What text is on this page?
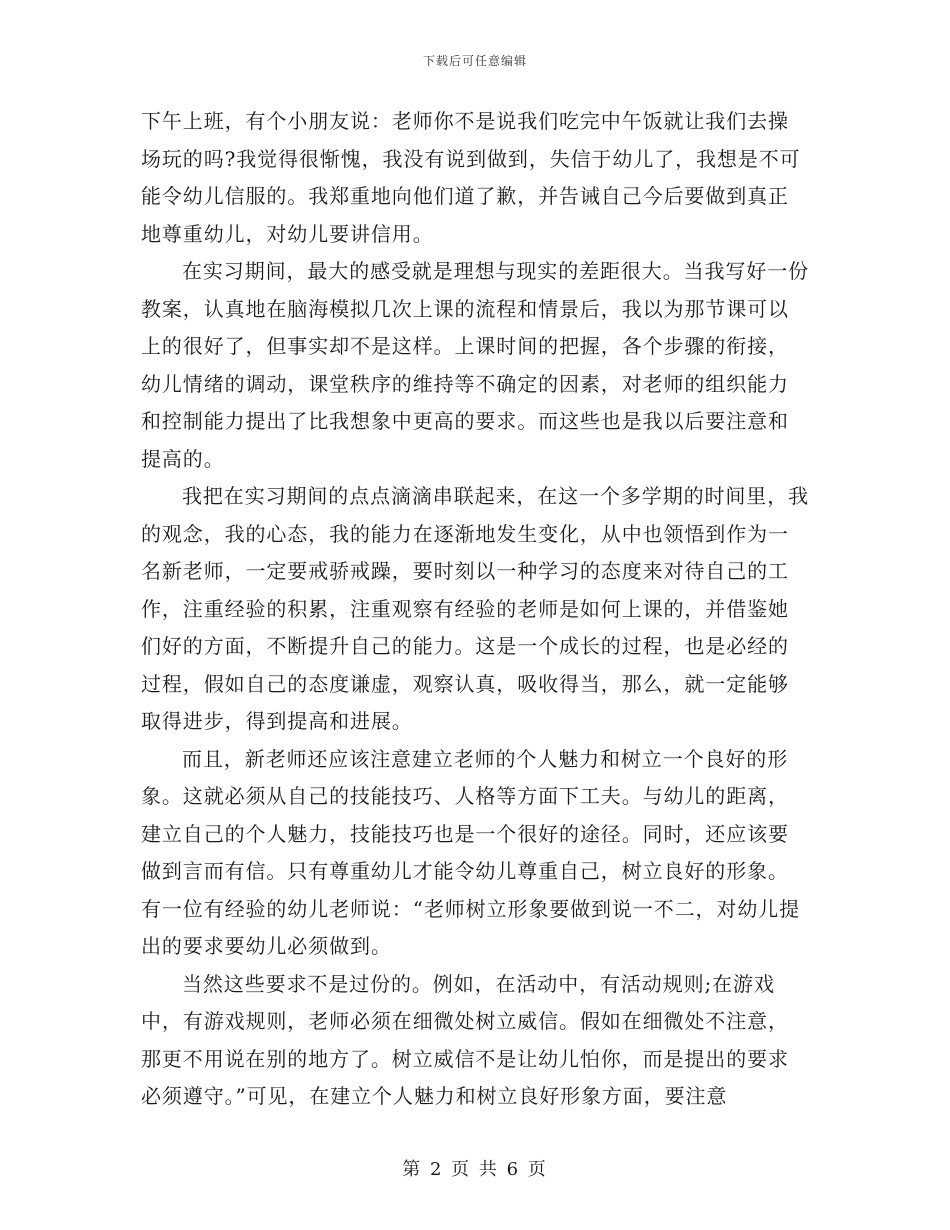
下载后可任意编辑

下午上班，有个小朋友说：老师你不是说我们吃完中午饭就让我们去操场玩的吗?我觉得很惭愧，我没有说到做到，失信于幼儿了，我想是不可能令幼儿信服的。我郑重地向他们道了歉，并告诫自己今后要做到真正地尊重幼儿，对幼儿要讲信用。

在实习期间，最大的感受就是理想与现实的差距很大。当我写好一份教案，认真地在脑海模拟几次上课的流程和情景后，我以为那节课可以上的很好了，但事实却不是这样。上课时间的把握，各个步骤的衔接，幼儿情绪的调动，课堂秩序的维持等不确定的因素，对老师的组织能力和控制能力提出了比我想象中更高的要求。而这些也是我以后要注意和提高的。

我把在实习期间的点点滴滴串联起来，在这一个多学期的时间里，我的观念，我的心态，我的能力在逐渐地发生变化，从中也领悟到作为一名新老师，一定要戒骄戒躁，要时刻以一种学习的态度来对待自己的工作，注重经验的积累，注重观察有经验的老师是如何上课的，并借鉴她们好的方面，不断提升自己的能力。这是一个成长的过程，也是必经的过程，假如自己的态度谦虚，观察认真，吸收得当，那么，就一定能够取得进步，得到提高和进展。

而且，新老师还应该注意建立老师的个人魅力和树立一个良好的形象。这就必须从自己的技能技巧、人格等方面下工夫。与幼儿的距离，建立自己的个人魅力，技能技巧也是一个很好的途径。同时，还应该要做到言而有信。只有尊重幼儿才能令幼儿尊重自己，树立良好的形象。有一位有经验的幼儿老师说：“老师树立形象要做到说一不二，对幼儿提出的要求要幼儿必须做到。

当然这些要求不是过份的。例如，在活动中，有活动规则;在游戏中，有游戏规则，老师必须在细微处树立威信。假如在细微处不注意，那更不用说在别的地方了。树立威信不是让幼儿怕你，而是提出的要求必须遵守。”可见，在建立个人魅力和树立良好形象方面，要注意

第 2 页 共 6 页
